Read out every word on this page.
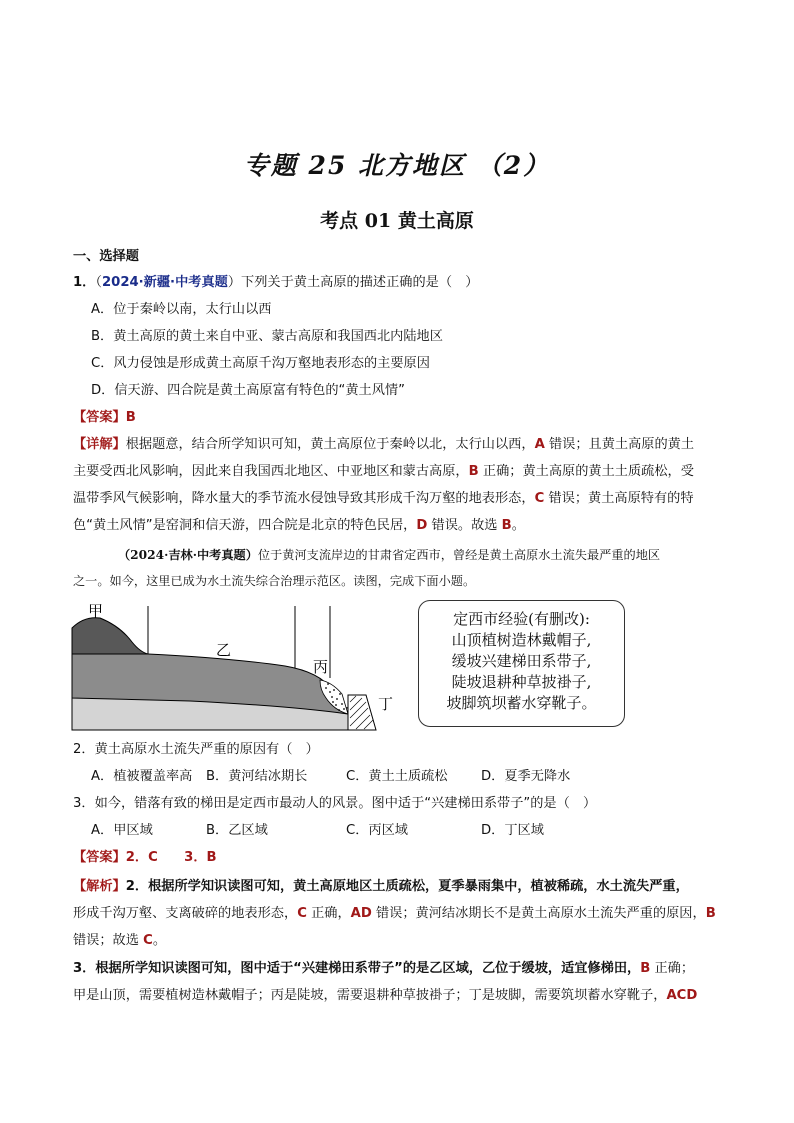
专题 25 北方地区 （2）
考点 01 黄土高原
一、选择题
1．（2024·新疆·中考真题）下列关于黄土高原的描述正确的是（　）
A．位于秦岭以南，太行山以西
B．黄土高原的黄土来自中亚、蒙古高原和我国西北内陆地区
C．风力侵蚀是形成黄土高原千沟万壑地表形态的主要原因
D．信天游、四合院是黄土高原富有特色的“黄土风情”
【答案】B
【详解】根据题意，结合所学知识可知，黄土高原位于秦岭以北，太行山以西，A 错误；且黄土高原的黄土
主要受西北风影响，因此来自我国西北地区、中亚地区和蒙古高原，B 正确；黄土高原的黄土土质疏松，受
温带季风气候影响，降水量大的季节流水侵蚀导致其形成千沟万壑的地表形态，C 错误；黄土高原特有的特
色“黄土风情”是窑洞和信天游，四合院是北京的特色民居，D 错误。故选 B。
（2024·吉林·中考真题）位于黄河支流岸边的甘肃省定西市，曾经是黄土高原水土流失最严重的地区
之一。如今，这里已成为水土流失综合治理示范区。读图，完成下面小题。
甲
乙
丙
丁
定西市经验(有删改):
山顶植树造林戴帽子,
缓坡兴建梯田系带子,
陡坡退耕种草披褂子,
坡脚筑坝蓄水穿靴子。
2．黄土高原水土流失严重的原因有（　）
A．植被覆盖率高 B．黄河结冰期长	C．黄土土质疏松	D．夏季无降水
3．如今，错落有致的梯田是定西市最动人的风景。图中适于“兴建梯田系带子”的是（　）
A．甲区域	B．乙区域	C．丙区域	D．丁区域
【答案】2．C　　3．B
【解析】2．根据所学知识读图可知，黄土高原地区土质疏松，夏季暴雨集中，植被稀疏，水土流失严重，
形成千沟万壑、支离破碎的地表形态，C 正确，AD 错误；黄河结冰期长不是黄土高原水土流失严重的原因，B
错误；故选 C。
3．根据所学知识读图可知，图中适于“兴建梯田系带子”的是乙区域，乙位于缓坡，适宜修梯田，B 正确；
甲是山顶，需要植树造林戴帽子；丙是陡坡，需要退耕种草披褂子；丁是坡脚，需要筑坝蓄水穿靴子，ACD
